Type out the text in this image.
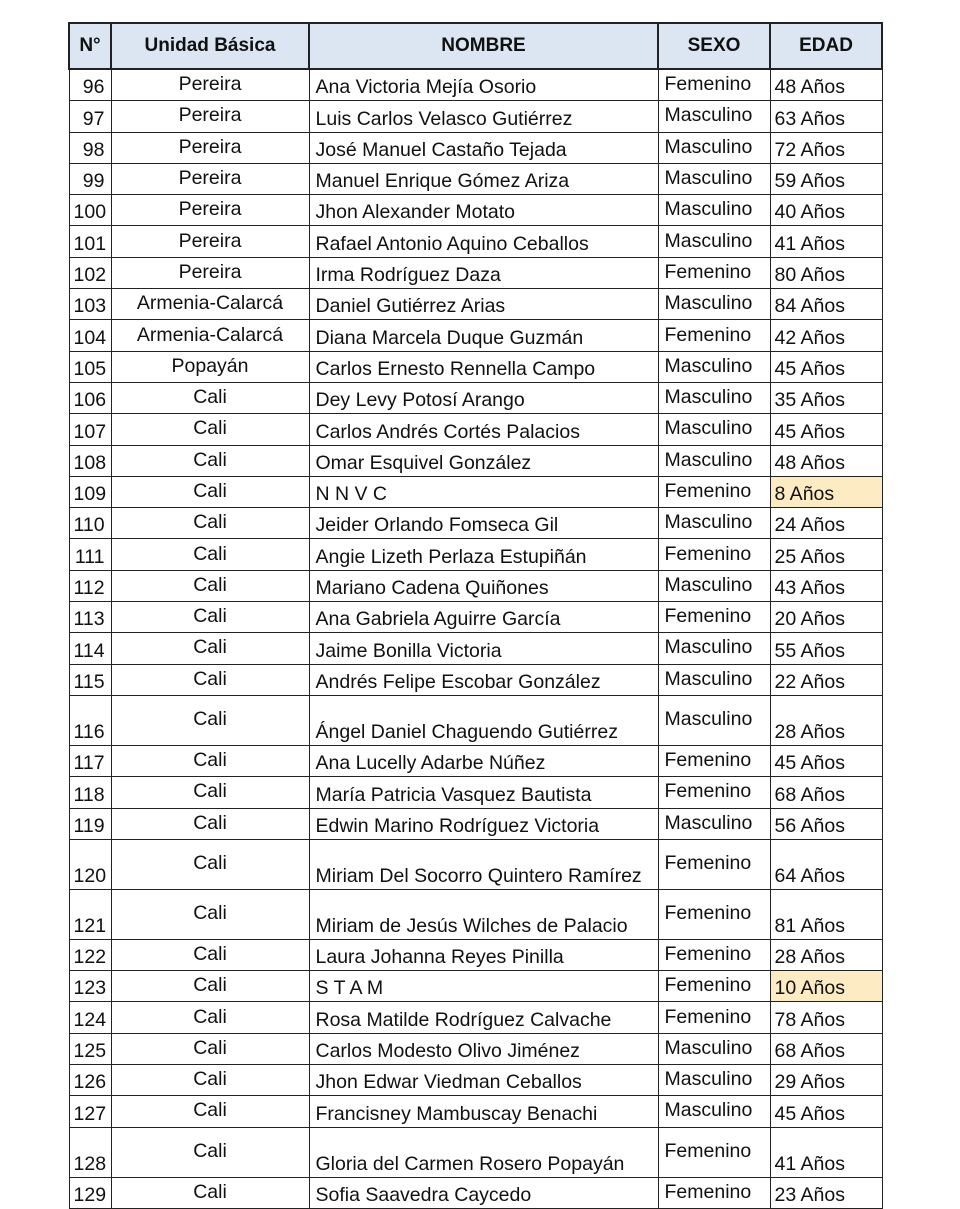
N°	Unidad Básica	NOMBRE	SEXO	EDAD
96	Pereira	Ana Victoria Mejía Osorio	Femenino	48 Años
97	Pereira	Luis Carlos Velasco Gutiérrez	Masculino	63 Años
98	Pereira	José Manuel Castaño Tejada	Masculino	72 Años
99	Pereira	Manuel Enrique Gómez Ariza	Masculino	59 Años
100	Pereira	Jhon Alexander Motato	Masculino	40 Años
101	Pereira	Rafael Antonio Aquino Ceballos	Masculino	41 Años
102	Pereira	Irma Rodríguez Daza	Femenino	80 Años
103	Armenia-Calarcá	Daniel Gutiérrez Arias	Masculino	84 Años
104	Armenia-Calarcá	Diana Marcela Duque Guzmán	Femenino	42 Años
105	Popayán	Carlos Ernesto Rennella Campo	Masculino	45 Años
106	Cali	Dey Levy Potosí Arango	Masculino	35 Años
107	Cali	Carlos Andrés Cortés Palacios	Masculino	45 Años
108	Cali	Omar Esquivel González	Masculino	48 Años
109	Cali	N N V C	Femenino	8 Años
110	Cali	Jeider Orlando Fomseca Gil	Masculino	24 Años
111	Cali	Angie Lizeth Perlaza Estupiñán	Femenino	25 Años
112	Cali	Mariano Cadena Quiñones	Masculino	43 Años
113	Cali	Ana Gabriela Aguirre García	Femenino	20 Años
114	Cali	Jaime Bonilla Victoria	Masculino	55 Años
115	Cali	Andrés Felipe Escobar González	Masculino	22 Años
116	Cali	Ángel Daniel Chaguendo Gutiérrez	Masculino	28 Años
117	Cali	Ana Lucelly Adarbe Núñez	Femenino	45 Años
118	Cali	María Patricia Vasquez Bautista	Femenino	68 Años
119	Cali	Edwin Marino Rodríguez Victoria	Masculino	56 Años
120	Cali	Miriam Del Socorro Quintero Ramírez	Femenino	64 Años
121	Cali	Miriam de Jesús Wilches de Palacio	Femenino	81 Años
122	Cali	Laura Johanna Reyes Pinilla	Femenino	28 Años
123	Cali	S T A M	Femenino	10 Años
124	Cali	Rosa Matilde Rodríguez Calvache	Femenino	78 Años
125	Cali	Carlos Modesto Olivo Jiménez	Masculino	68 Años
126	Cali	Jhon Edwar Viedman Ceballos	Masculino	29 Años
127	Cali	Francisney Mambuscay Benachi	Masculino	45 Años
128	Cali	Gloria del Carmen Rosero Popayán	Femenino	41 Años
129	Cali	Sofia Saavedra Caycedo	Femenino	23 Años
